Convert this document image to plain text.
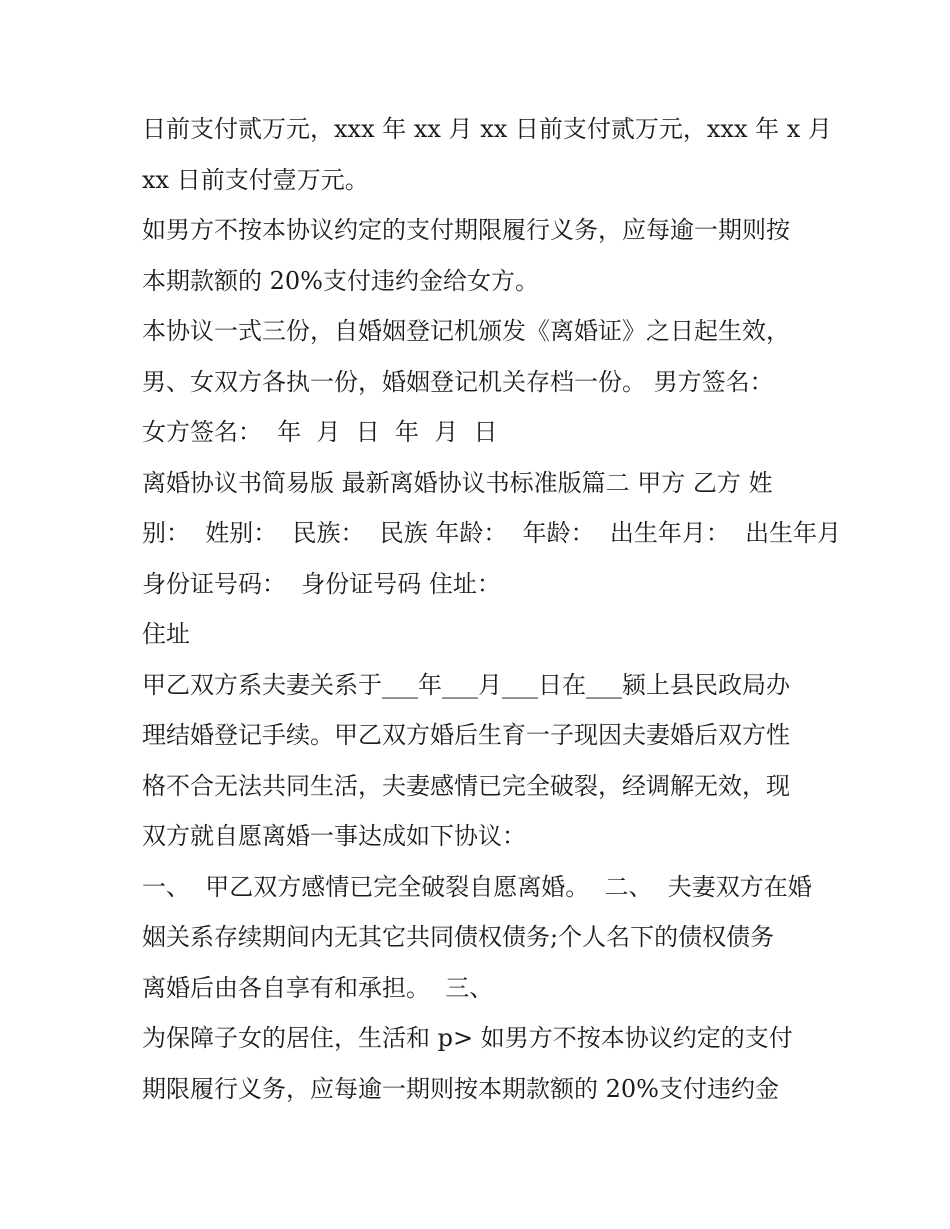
日前支付贰万元，xxx 年 xx 月 xx 日前支付贰万元，xxx 年 x 月
xx 日前支付壹万元。
如男方不按本协议约定的支付期限履行义务，应每逾一期则按
本期款额的 20%支付违约金给女方。
本协议一式三份，自婚姻登记机颁发《离婚证》之日起生效，
男、女双方各执一份，婚姻登记机关存档一份。 男方签名：
女方签名：  年  月  日  年  月  日
离婚协议书简易版 最新离婚协议书标准版篇二 甲方 乙方 姓
别：  姓别：  民族：  民族 年龄：  年龄：  出生年月：  出生年月
身份证号码：  身份证号码 住址：
住址
甲乙双方系夫妻关系于___年___月___日在___颍上县民政局办
理结婚登记手续。甲乙双方婚后生育一子现因夫妻婚后双方性
格不合无法共同生活，夫妻感情已完全破裂，经调解无效，现
双方就自愿离婚一事达成如下协议：
一、  甲乙双方感情已完全破裂自愿离婚。  二、  夫妻双方在婚
姻关系存续期间内无其它共同债权债务;个人名下的债权债务
离婚后由各自享有和承担。  三、
为保障子女的居住，生活和 p> 如男方不按本协议约定的支付
期限履行义务，应每逾一期则按本期款额的 20%支付违约金
